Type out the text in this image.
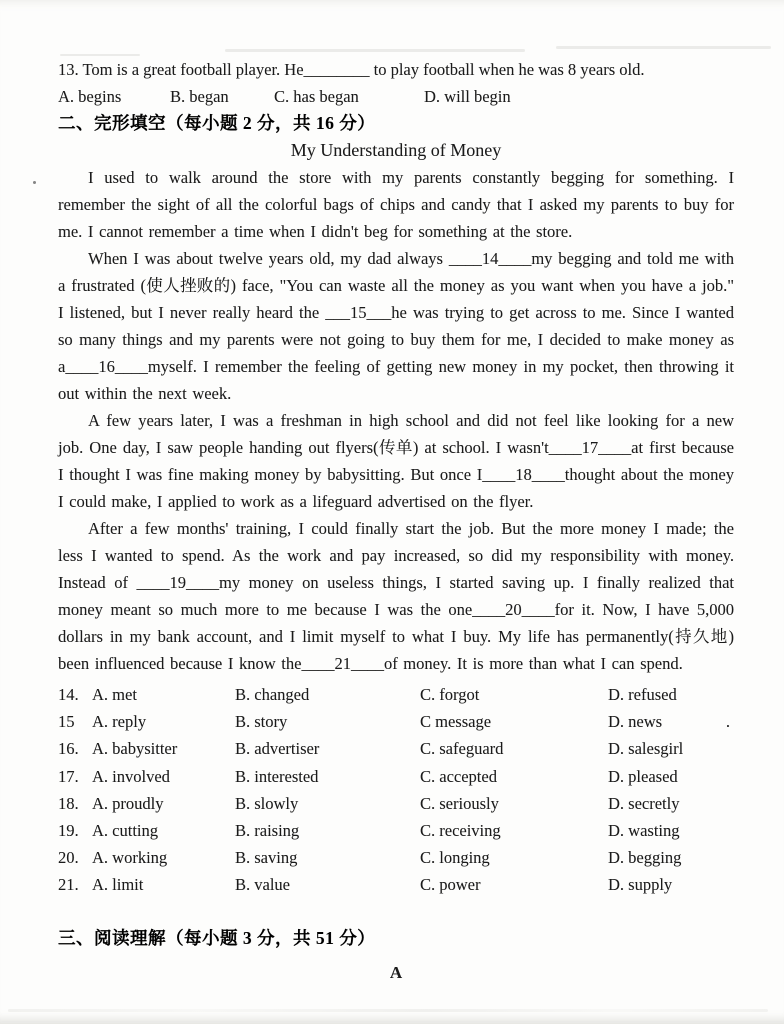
13. Tom is a great football player. He________ to play football when he was 8 years old.

A. begins	B. began	C. has began	D. will begin
二、完形填空（每小题 2 分，共 16 分）
My Understanding of Money

I used to walk around the store with my parents constantly begging for something. I remember the sight of all the colorful bags of chips and candy that I asked my parents to buy for me. I cannot remember a time when I didn't beg for something at the store.

When I was about twelve years old, my dad always ____14____my begging and told me with a frustrated (使人挫败的) face, "You can waste all the money as you want when you have a job." I listened, but I never really heard the ___15___he was trying to get across to me. Since I wanted so many things and my parents were not going to buy them for me, I decided to make money as a____16____myself. I remember the feeling of getting new money in my pocket, then throwing it out within the next week.

A few years later, I was a freshman in high school and did not feel like looking for a new job. One day, I saw people handing out flyers(传单) at school. I wasn't____17____at first because I thought I was fine making money by babysitting. But once I____18____thought about the money I could make, I applied to work as a lifeguard advertised on the flyer.

After a few months' training, I could finally start the job. But the more money I made; the less I wanted to spend. As the work and pay increased, so did my responsibility with money. Instead of ____19____my money on useless things, I started saving up. I finally realized that money meant so much more to me because I was the one____20____for it. Now, I have 5,000 dollars in my bank account, and I limit myself to what I buy. My life has permanently(持久地) been influenced because I know the____21____of money. It is more than what I can spend.

14. A. met	B. changed	C. forgot	D. refused
15 A. reply	B. story	C message	D. news	.
16. A. babysitter	B. advertiser	C. safeguard	D. salesgirl
17. A. involved	B. interested	C. accepted	D. pleased
18. A. proudly	B. slowly	C. seriously	D. secretly
19. A. cutting	B. raising	C. receiving	D. wasting
20. A. working	B. saving	C. longing	D. begging
21. A. limit	B. value	C. power	D. supply
三、阅读理解（每小题 3 分，共 51 分）
A
